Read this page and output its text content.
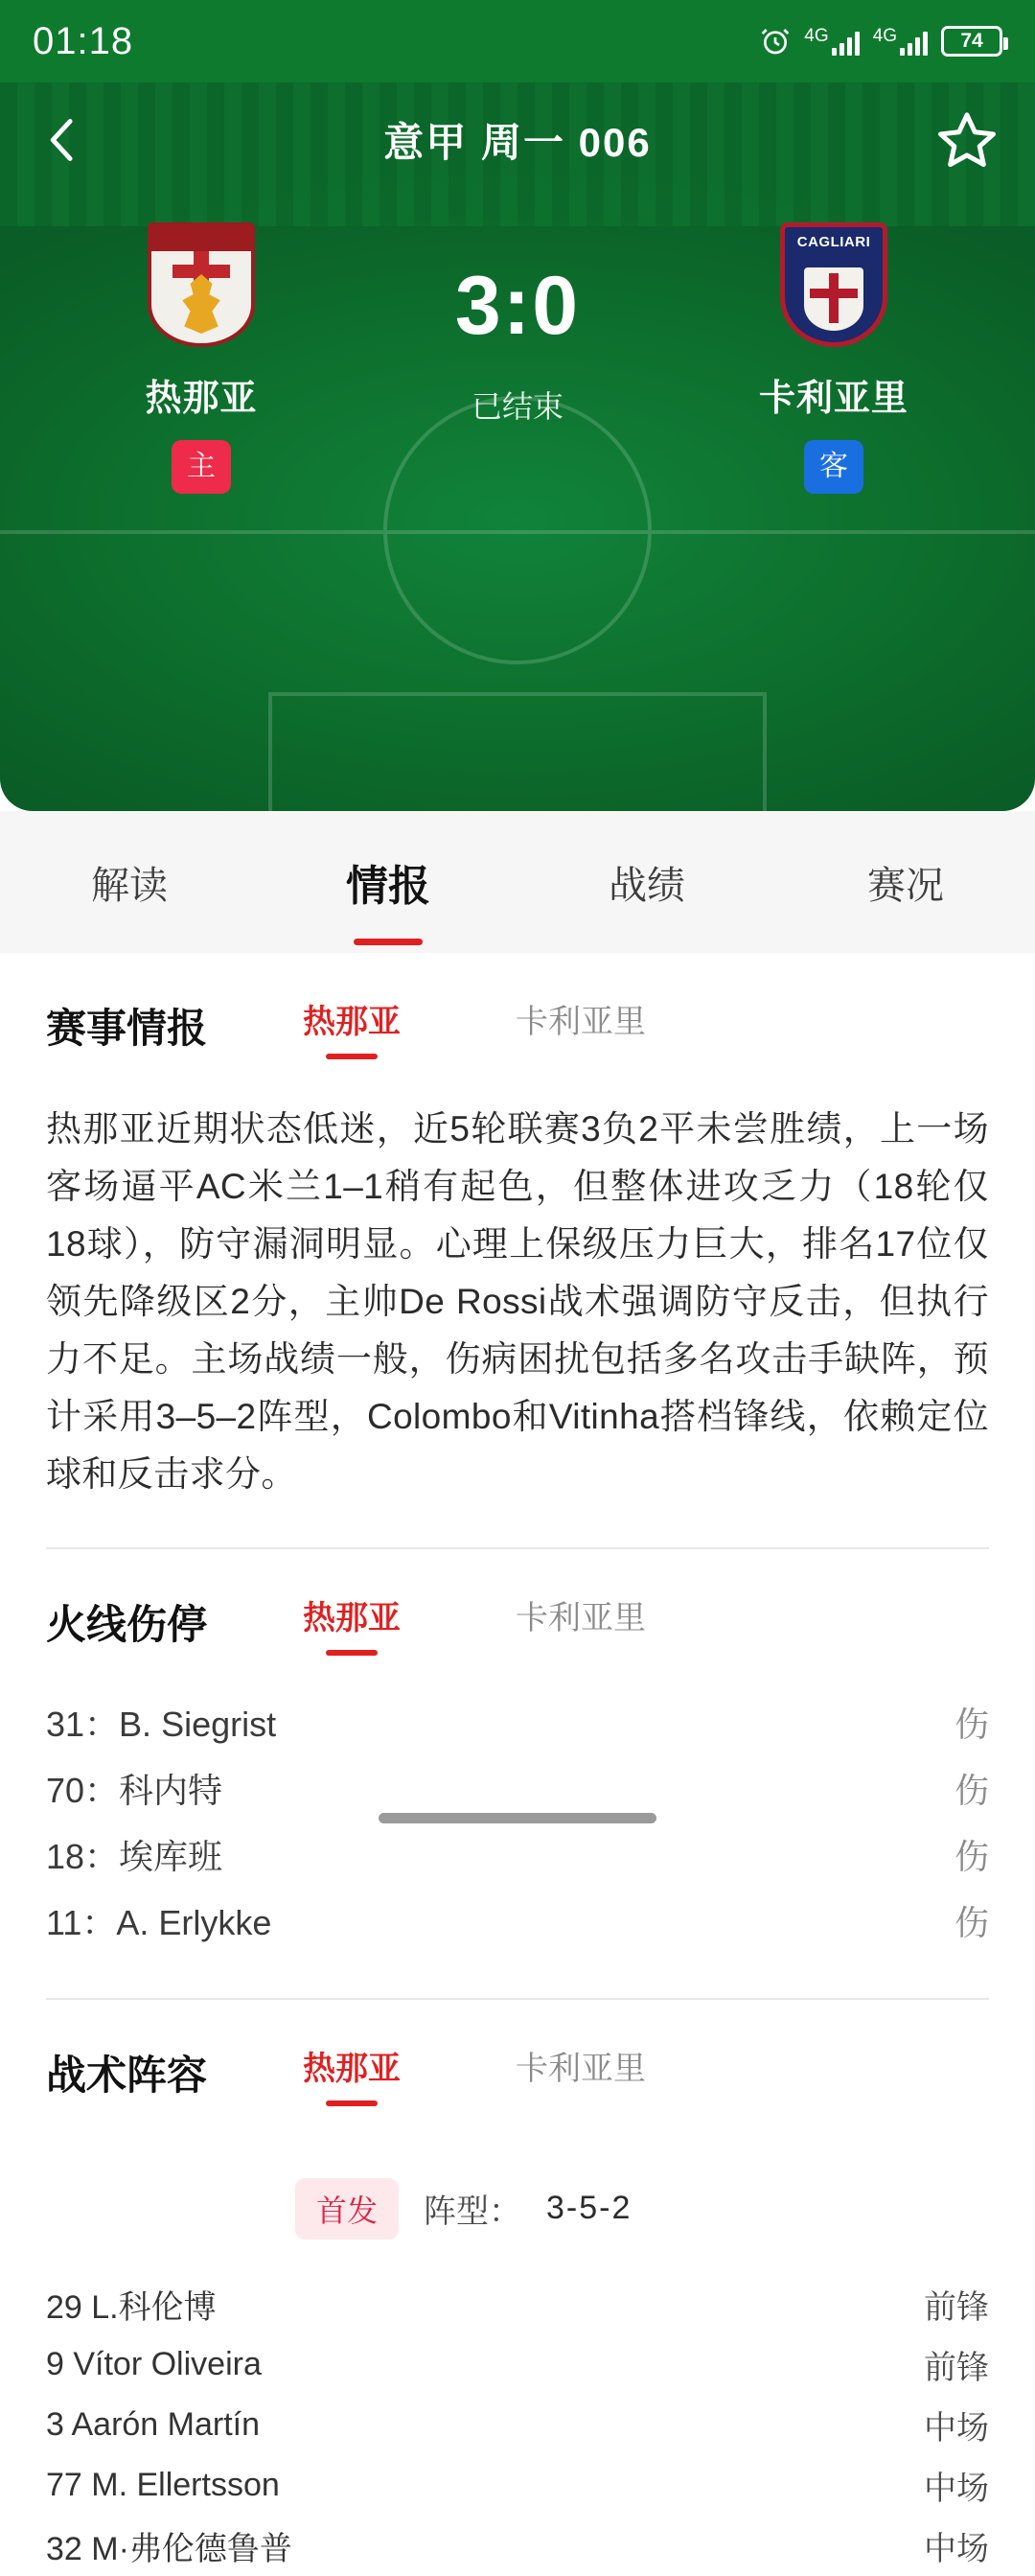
01:18	4G 4G	74
意甲 周一 006
热那亚
主
3:0
已结束
CAGLIARI
卡利亚里
客
解读	情报	战绩	赛况
赛事情报	热那亚	卡利亚里
热那亚近期状态低迷，近5轮联赛3负2平未尝胜绩，上一场客场逼平AC米兰1–1稍有起色，但整体进攻乏力（18轮仅18球），防守漏洞明显。心理上保级压力巨大，排名17位仅领先降级区2分，主帅De Rossi战术强调防守反击，但执行力不足。主场战绩一般，伤病困扰包括多名攻击手缺阵，预计采用3–5–2阵型，Colombo和Vitinha搭档锋线，依赖定位球和反击求分。
火线伤停	热那亚	卡利亚里
31：B. Siegrist	伤
70：科内特	伤
18：埃库班	伤
11：A. Erlykke	伤
战术阵容	热那亚	卡利亚里
首发	阵型： 3-5-2
29 L.科伦博	前锋
9 Vítor Oliveira	前锋
3 Aarón Martín	中场
77 M. Ellertsson	中场
32 M·弗伦德鲁普	中场
